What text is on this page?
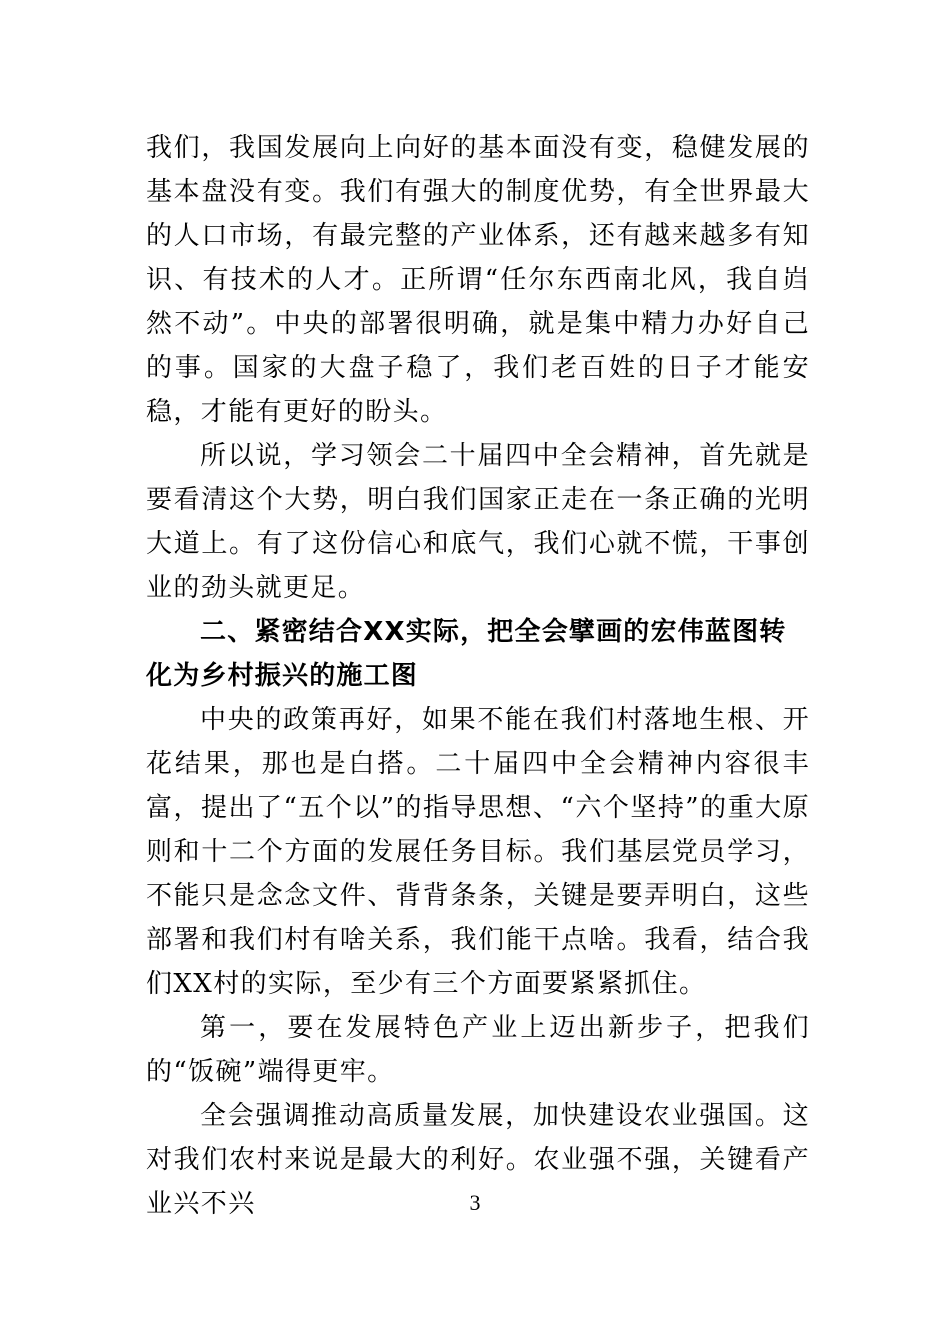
我们，我国发展向上向好的基本面没有变，稳健发展的基本盘没有变。我们有强大的制度优势，有全世界最大的人口市场，有最完整的产业体系，还有越来越多有知识、有技术的人才。正所谓“任尔东西南北风，我自岿然不动”。中央的部署很明确，就是集中精力办好自己的事。国家的大盘子稳了，我们老百姓的日子才能安稳，才能有更好的盼头。

所以说，学习领会二十届四中全会精神，首先就是要看清这个大势，明白我们国家正走在一条正确的光明大道上。有了这份信心和底气，我们心就不慌，干事创业的劲头就更足。

二、紧密结合XX实际，把全会擘画的宏伟蓝图转化为乡村振兴的施工图

中央的政策再好，如果不能在我们村落地生根、开花结果，那也是白搭。二十届四中全会精神内容很丰富，提出了“五个以”的指导思想、“六个坚持”的重大原则和十二个方面的发展任务目标。我们基层党员学习，不能只是念念文件、背背条条，关键是要弄明白，这些部署和我们村有啥关系，我们能干点啥。我看，结合我们XX村的实际，至少有三个方面要紧紧抓住。

第一，要在发展特色产业上迈出新步子，把我们的“饭碗”端得更牢。

全会强调推动高质量发展，加快建设农业强国。这对我们农村来说是最大的利好。农业强不强，关键看产业兴不兴	3
